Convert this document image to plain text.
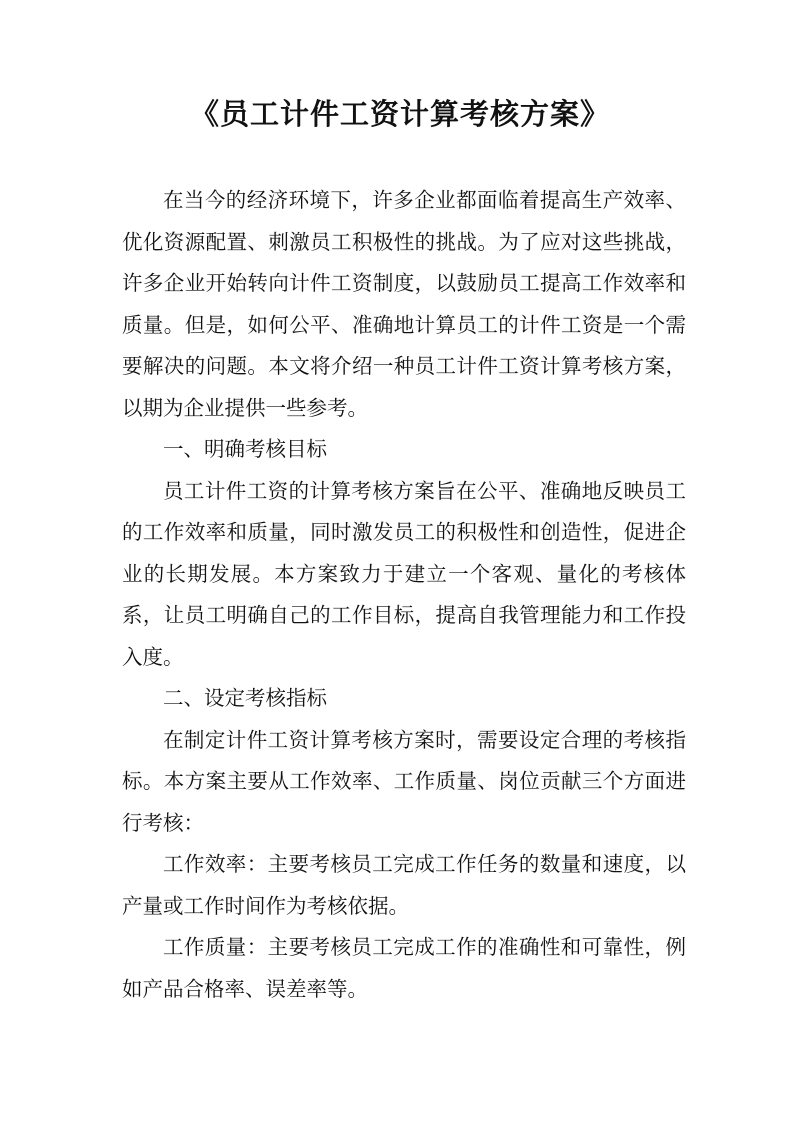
《员工计件工资计算考核方案》

在当今的经济环境下，许多企业都面临着提高生产效率、优化资源配置、刺激员工积极性的挑战。为了应对这些挑战，许多企业开始转向计件工资制度，以鼓励员工提高工作效率和质量。但是，如何公平、准确地计算员工的计件工资是一个需要解决的问题。本文将介绍一种员工计件工资计算考核方案，以期为企业提供一些参考。

一、明确考核目标

员工计件工资的计算考核方案旨在公平、准确地反映员工的工作效率和质量，同时激发员工的积极性和创造性，促进企业的长期发展。本方案致力于建立一个客观、量化的考核体系，让员工明确自己的工作目标，提高自我管理能力和工作投入度。

二、设定考核指标

在制定计件工资计算考核方案时，需要设定合理的考核指标。本方案主要从工作效率、工作质量、岗位贡献三个方面进行考核：

工作效率：主要考核员工完成工作任务的数量和速度，以产量或工作时间作为考核依据。

工作质量：主要考核员工完成工作的准确性和可靠性，例如产品合格率、误差率等。
